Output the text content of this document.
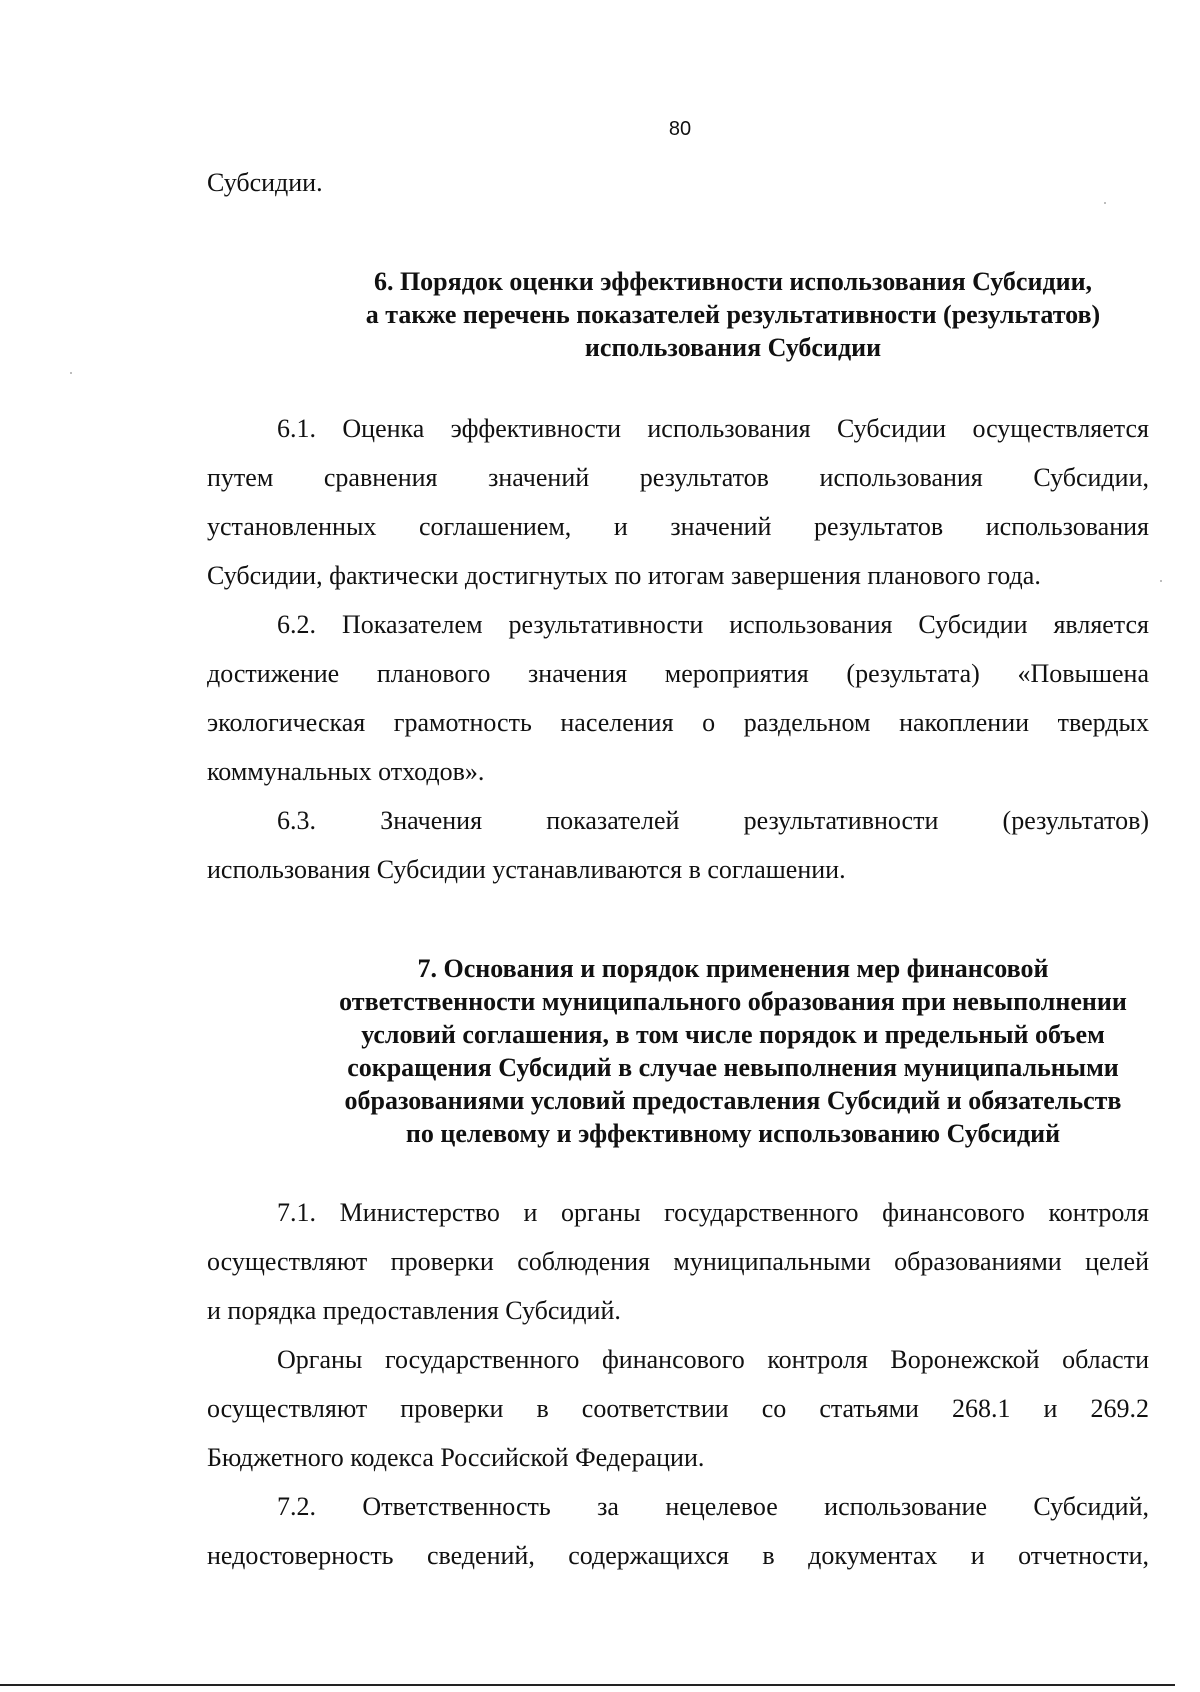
80

Субсидии.

6. Порядок оценки эффективности использования Субсидии,
а также перечень показателей результативности (результатов)
использования Субсидии

6.1. Оценка эффективности использования Субсидии осуществляется

путем сравнения значений результатов использования Субсидии,

установленных соглашением, и значений результатов использования

Субсидии, фактически достигнутых по итогам завершения планового года.

6.2. Показателем результативности использования Субсидии является

достижение планового значения мероприятия (результата) «Повышена

экологическая грамотность населения о раздельном накоплении твердых

коммунальных отходов».

6.3. Значения показателей результативности (результатов)

использования Субсидии устанавливаются в соглашении.

7. Основания и порядок применения мер финансовой
ответственности муниципального образования при невыполнении
условий соглашения, в том числе порядок и предельный объем
сокращения Субсидий в случае невыполнения муниципальными
образованиями условий предоставления Субсидий и обязательств
по целевому и эффективному использованию Субсидий

7.1. Министерство и органы государственного финансового контроля

осуществляют проверки соблюдения муниципальными образованиями целей

и порядка предоставления Субсидий.

Органы государственного финансового контроля Воронежской области

осуществляют проверки в соответствии со статьями 268.1 и 269.2

Бюджетного кодекса Российской Федерации.

7.2. Ответственность за нецелевое использование Субсидий,

недостоверность сведений, содержащихся в документах и отчетности,
